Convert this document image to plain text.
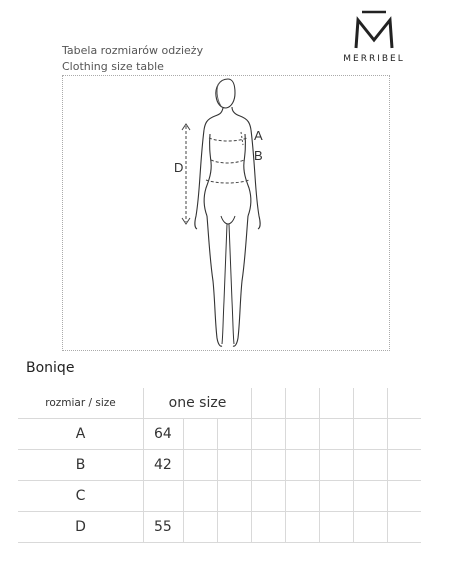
MERRIBEL
Tabela rozmiarów odzieży
Clothing size table
A
B
D
Boniqe
rozmiar / size	one size							
A	64							
B	42							
C								
D	55							
